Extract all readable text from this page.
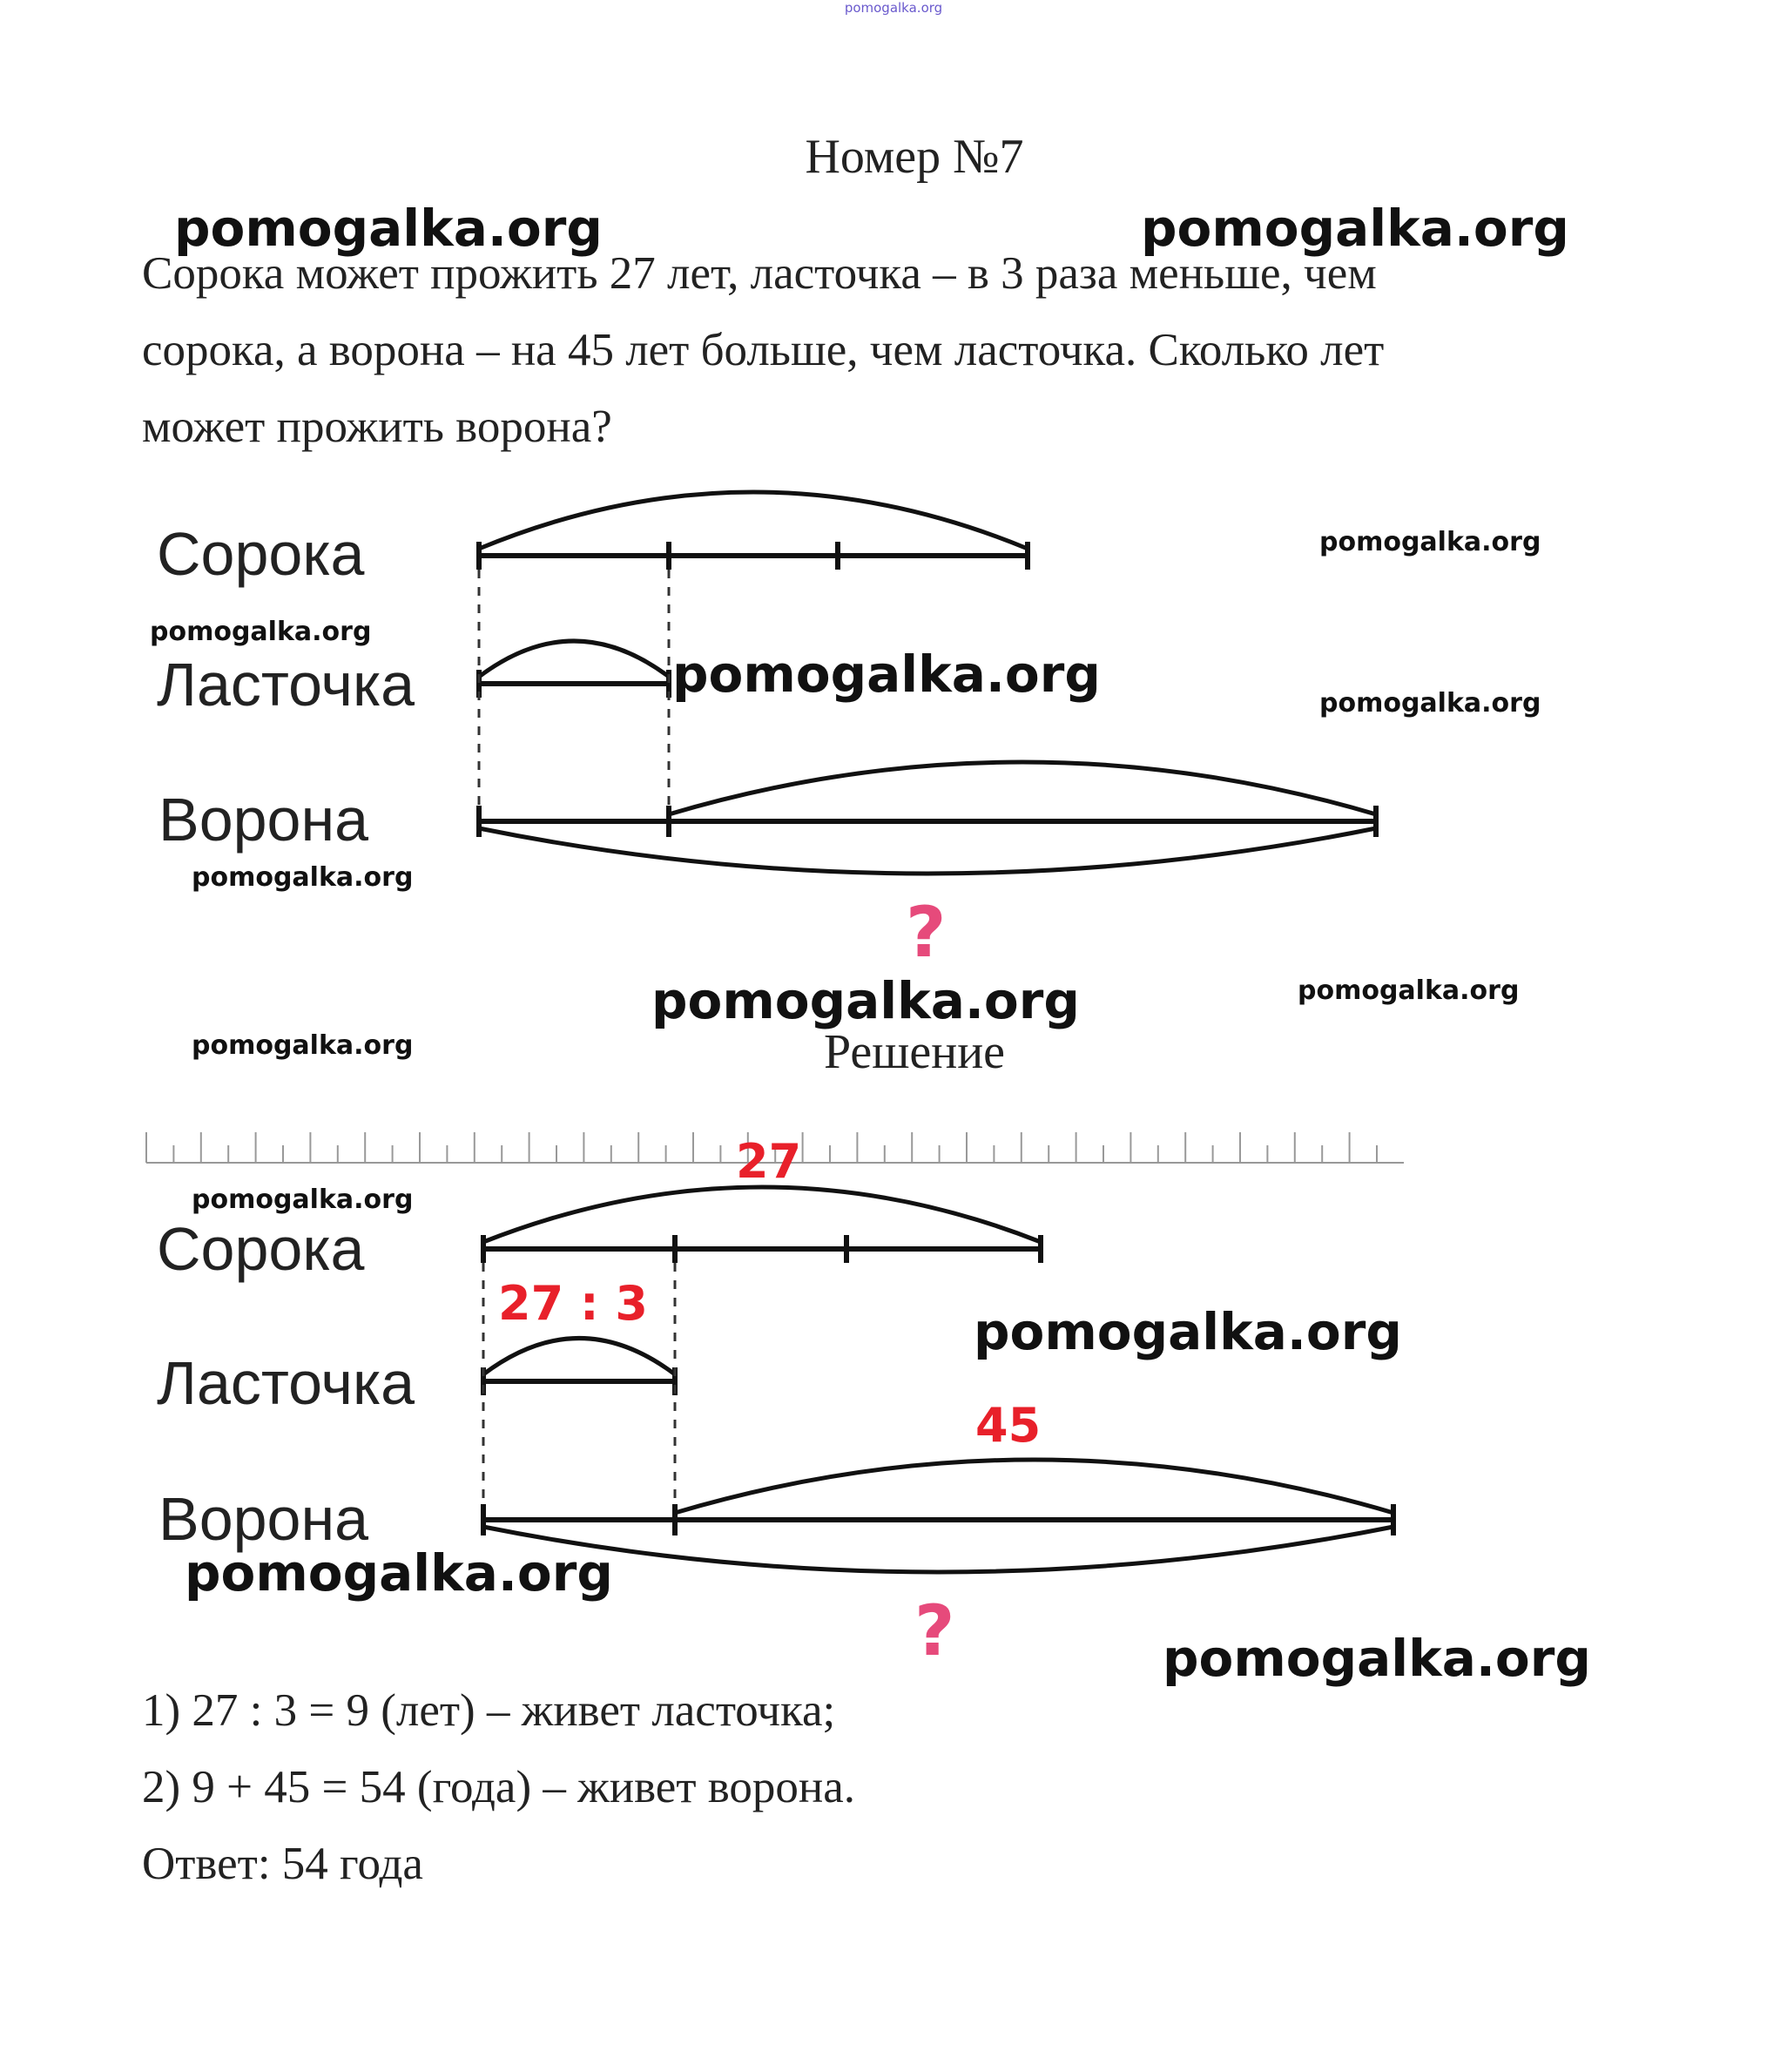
pomogalka.org
Номер №7

Сорока может прожить 27 лет, ласточка – в 3 раза меньше, чем

сорока, а ворона – на 45 лет больше, чем ласточка. Сколько лет

может прожить ворона?

Сорока
Ласточка
Ворона
?
Решение
Сорока
Ласточка
Ворона
27
27 : 3
45
?

1) 27 : 3 = 9 (лет) – живет ласточка;

2) 9 + 45 = 54 (года) – живет ворона.

Ответ: 54 года

pomogalka.org	pomogalka.org
pomogalka.org
pomogalka.org
pomogalka.org	pomogalka.org
pomogalka.org
pomogalka.org	pomogalka.org
pomogalka.org
pomogalka.org
pomogalka.org
pomogalka.org
pomogalka.org
